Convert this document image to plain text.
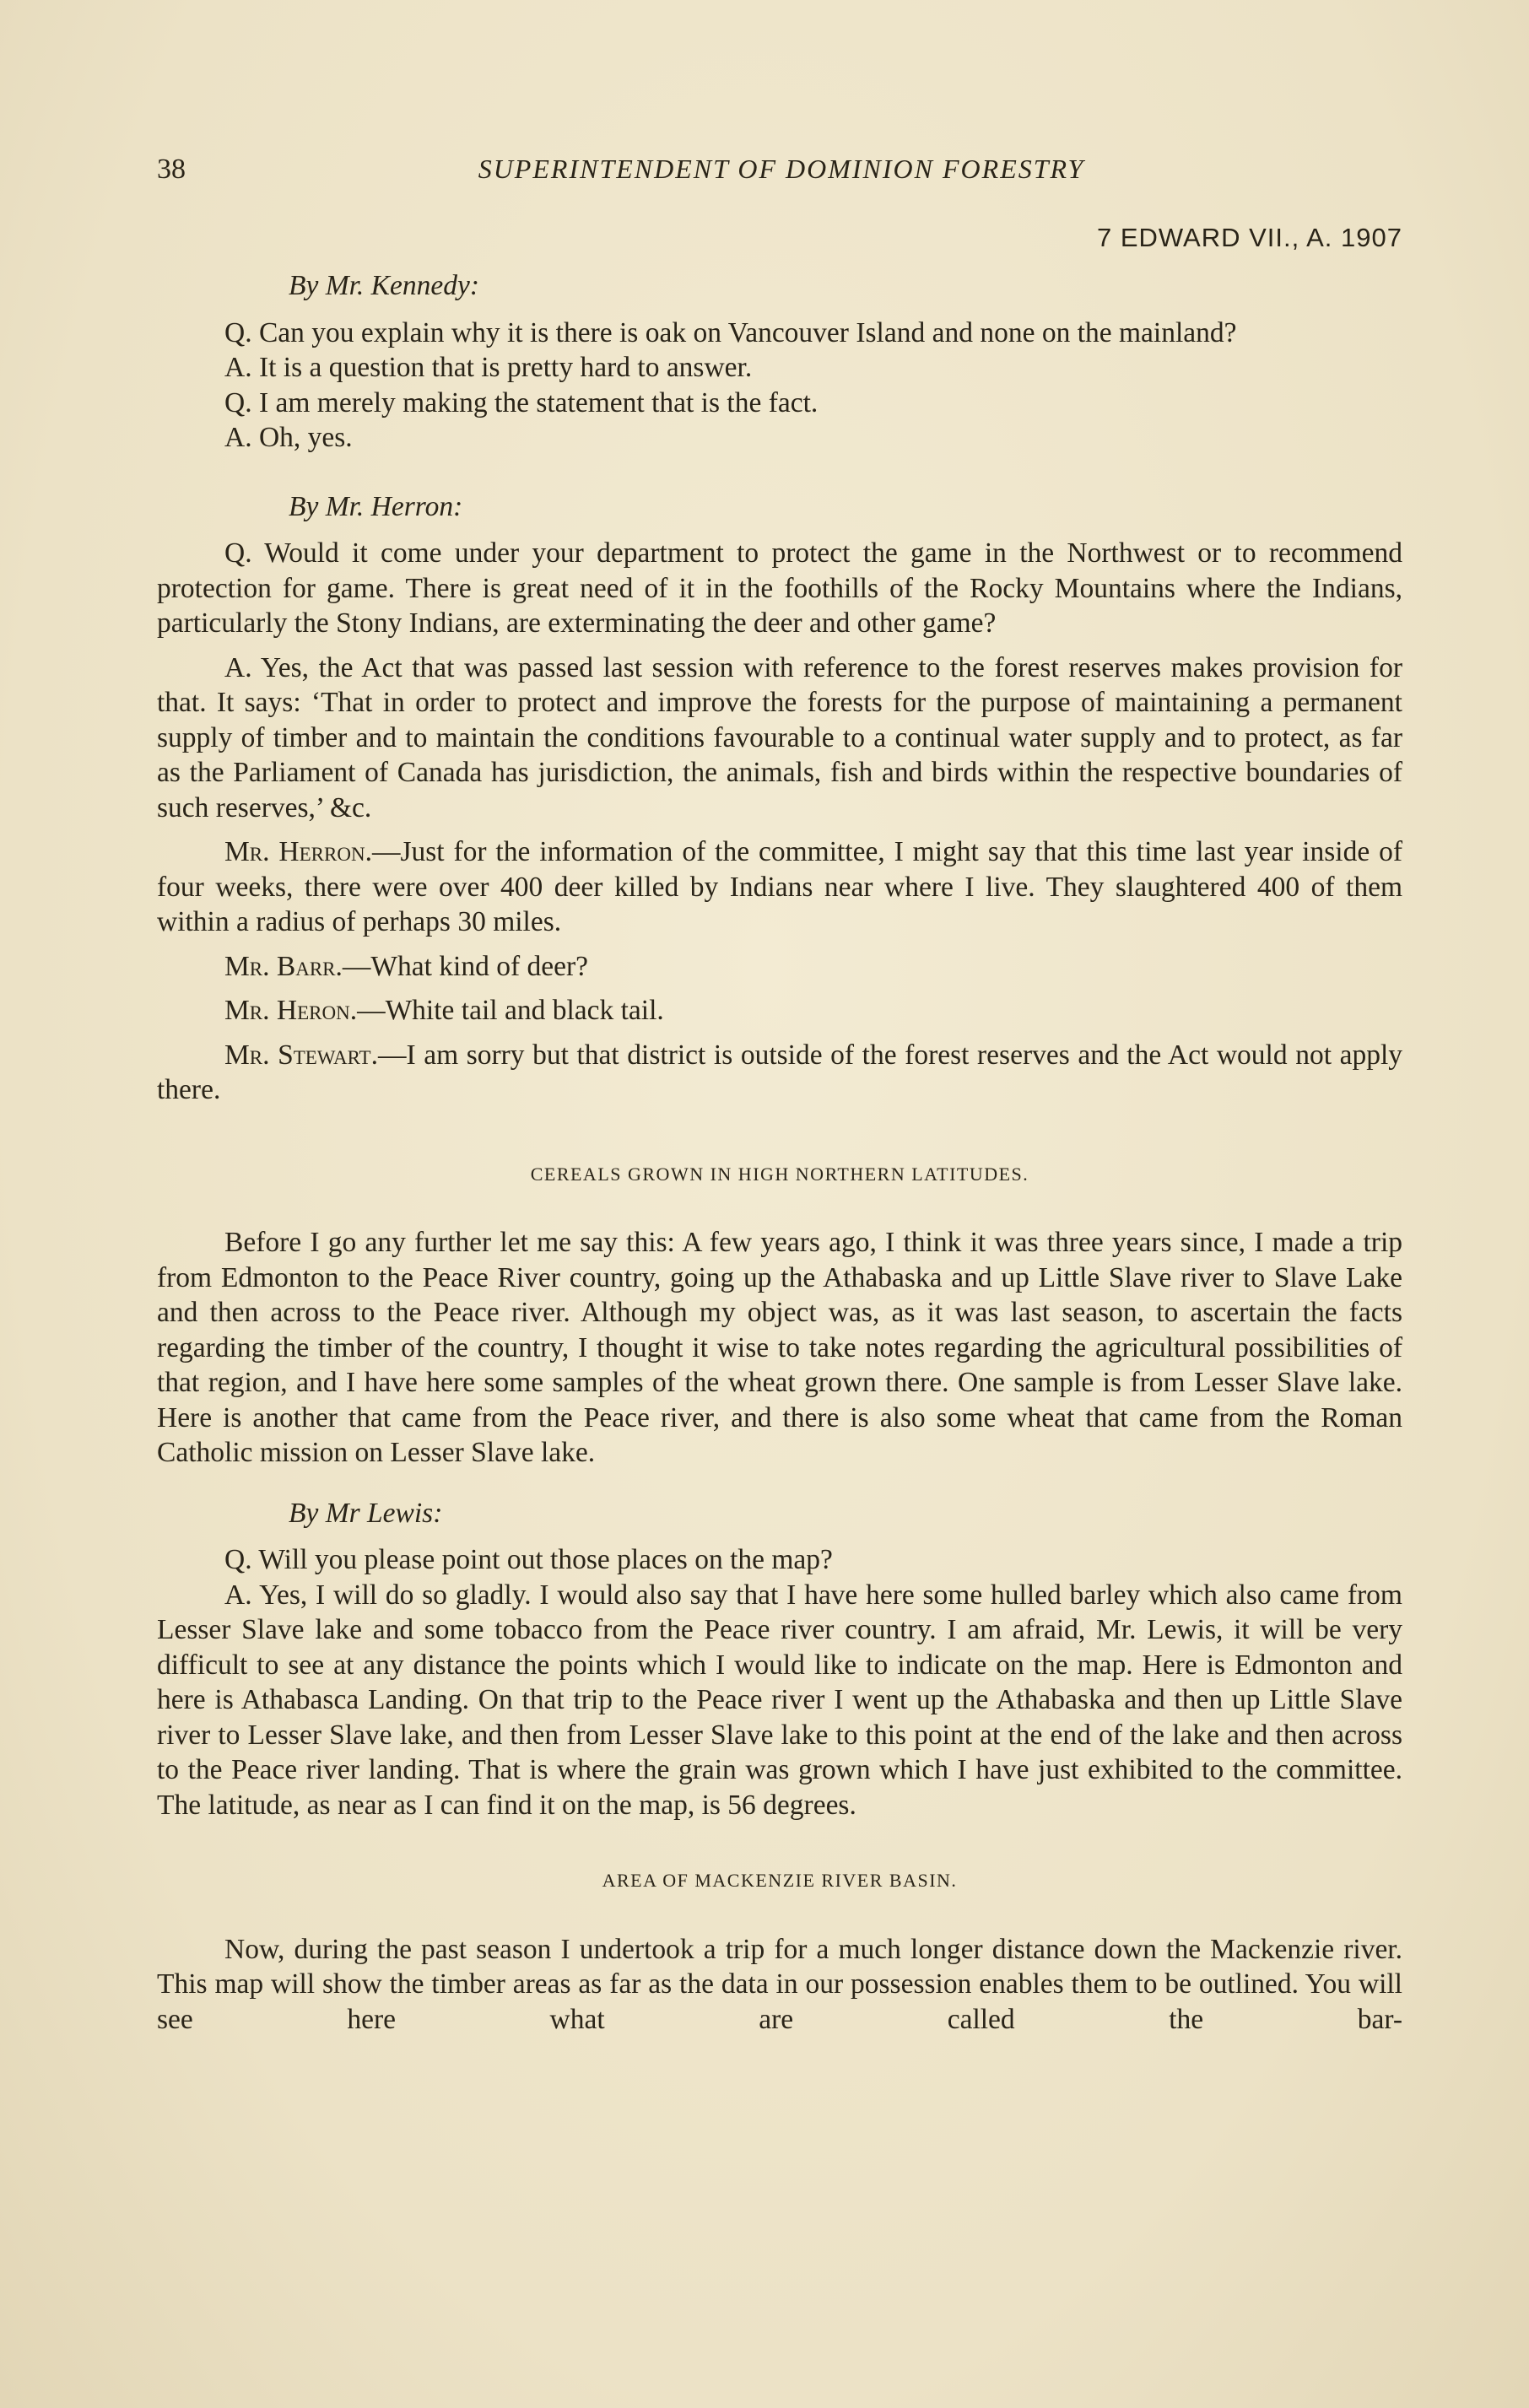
38	SUPERINTENDENT OF DOMINION FORESTRY
7 EDWARD VII., A. 1907
By Mr. Kennedy:

Q. Can you explain why it is there is oak on Vancouver Island and none on the mainland?

A. It is a question that is pretty hard to answer.

Q. I am merely making the statement that is the fact.

A. Oh, yes.

By Mr. Herron:

Q. Would it come under your department to protect the game in the Northwest or to recommend protection for game. There is great need of it in the foothills of the Rocky Mountains where the Indians, particularly the Stony Indians, are exterminating the deer and other game?

A. Yes, the Act that was passed last session with reference to the forest reserves makes provision for that. It says: ‘That in order to protect and improve the forests for the purpose of maintaining a permanent supply of timber and to maintain the conditions favourable to a continual water supply and to protect, as far as the Parliament of Canada has jurisdiction, the animals, fish and birds within the respective boundaries of such reserves,’ &c.

Mr. Herron.—Just for the information of the committee, I might say that this time last year inside of four weeks, there were over 400 deer killed by Indians near where I live. They slaughtered 400 of them within a radius of perhaps 30 miles.

Mr. Barr.—What kind of deer?

Mr. Heron.—White tail and black tail.

Mr. Stewart.—I am sorry but that district is outside of the forest reserves and the Act would not apply there.

CEREALS GROWN IN HIGH NORTHERN LATITUDES.

Before I go any further let me say this: A few years ago, I think it was three years since, I made a trip from Edmonton to the Peace River country, going up the Athabaska and up Little Slave river to Slave Lake and then across to the Peace river. Although my object was, as it was last season, to ascertain the facts regarding the timber of the country, I thought it wise to take notes regarding the agricultural possibilities of that region, and I have here some samples of the wheat grown there. One sample is from Lesser Slave lake. Here is another that came from the Peace river, and there is also some wheat that came from the Roman Catholic mission on Lesser Slave lake.

By Mr Lewis:

Q. Will you please point out those places on the map?

A. Yes, I will do so gladly. I would also say that I have here some hulled barley which also came from Lesser Slave lake and some tobacco from the Peace river country. I am afraid, Mr. Lewis, it will be very difficult to see at any distance the points which I would like to indicate on the map. Here is Edmonton and here is Athabasca Landing. On that trip to the Peace river I went up the Athabaska and then up Little Slave river to Lesser Slave lake, and then from Lesser Slave lake to this point at the end of the lake and then across to the Peace river landing. That is where the grain was grown which I have just exhibited to the committee. The latitude, as near as I can find it on the map, is 56 degrees.

AREA OF MACKENZIE RIVER BASIN.

Now, during the past season I undertook a trip for a much longer distance down the Mackenzie river. This map will show the timber areas as far as the data in our possession enables them to be outlined. You will see here what are called the bar-
